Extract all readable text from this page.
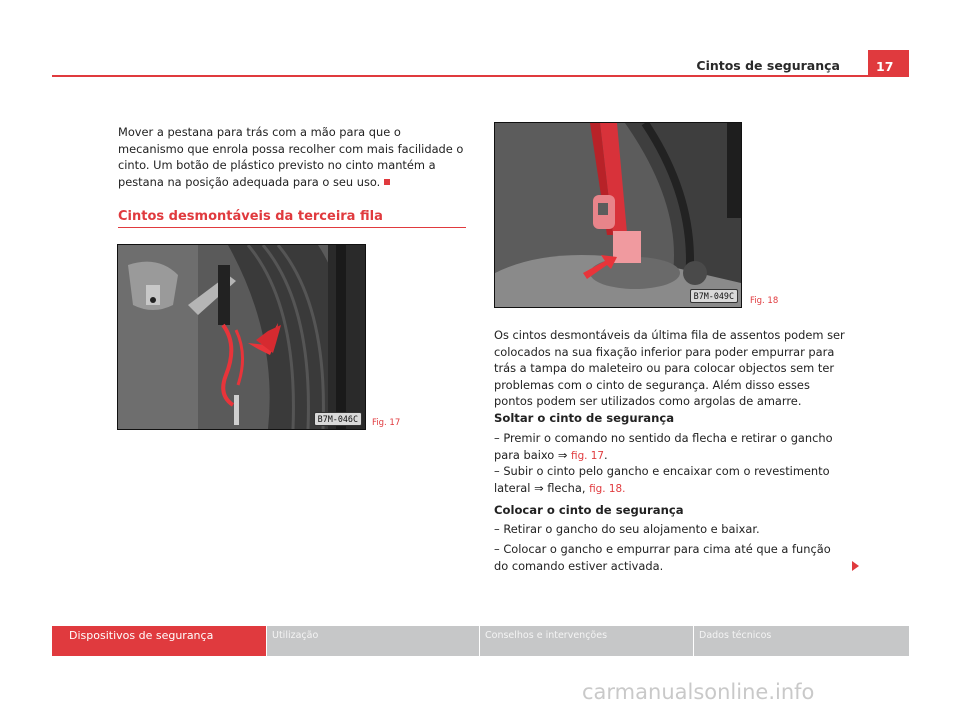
Cintos de segurança	17
Mover a pestana para trás com a mão para que o mecanismo que enrola possa recolher com mais facilidade o cinto. Um botão de plástico previsto no cinto mantém a pestana na posição adequada para o seu uso.
Cintos desmontáveis da terceira fila
B7M-046C	Fig. 17
B7M-049C	Fig. 18
Os cintos desmontáveis da última fila de assentos podem ser colocados na sua fixação inferior para poder empurrar para trás a tampa do maleteiro ou para colocar objectos sem ter problemas com o cinto de segurança. Além disso esses pontos podem ser utilizados como argolas de amarre.
Soltar o cinto de segurança
– Premir o comando no sentido da flecha e retirar o gancho para baixo ⇒ fig. 17.
– Subir o cinto pelo gancho e encaixar com o revestimento lateral ⇒ flecha, fig. 18.
Colocar o cinto de segurança
– Retirar o gancho do seu alojamento e baixar.
– Colocar o gancho e empurrar para cima até que a função do comando estiver activada.
Dispositivos de segurança	Utilização	Conselhos e intervenções	Dados técnicos
carmanualsonline.info
